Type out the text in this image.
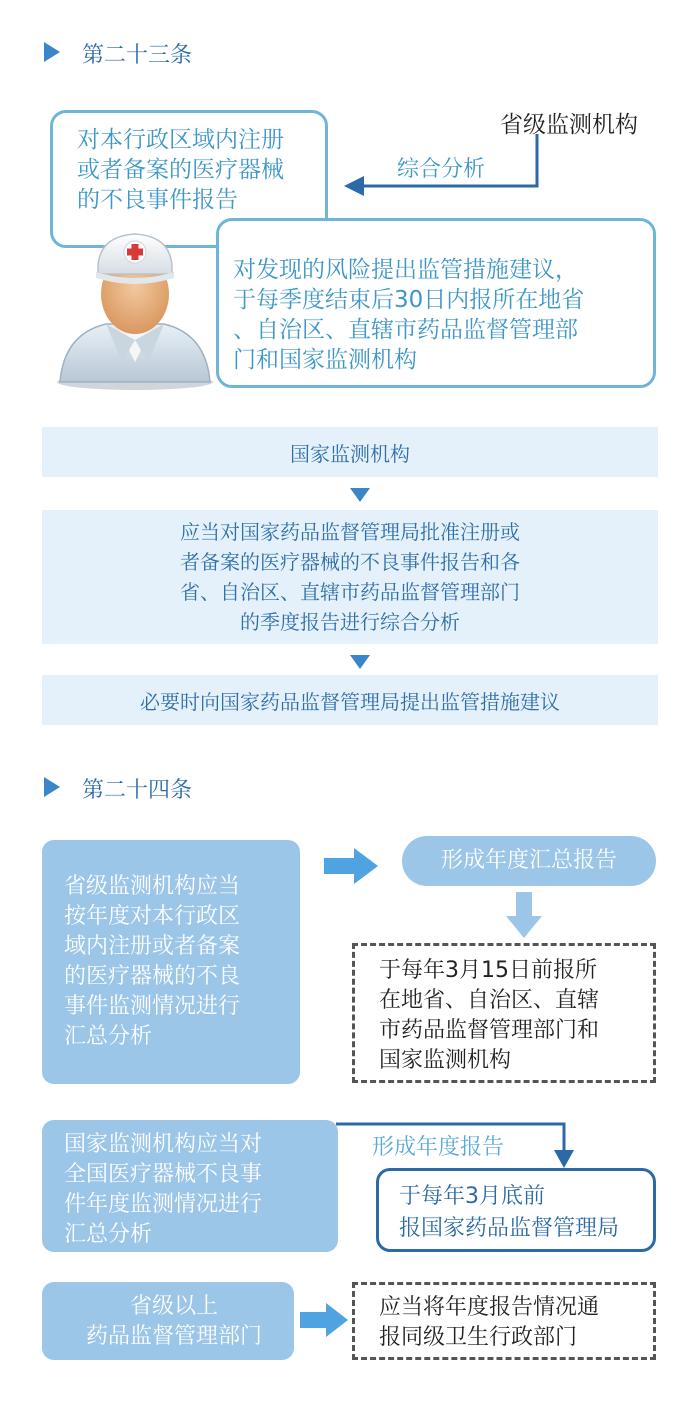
第二十三条
省级监测机构
综合分析
对本行政区域内注册
或者备案的医疗器械
的不良事件报告
对发现的风险提出监管措施建议，
于每季度结束后30日内报所在地省
、自治区、直辖市药品监督管理部
门和国家监测机构
国家监测机构
应当对国家药品监督管理局批准注册或
者备案的医疗器械的不良事件报告和各
省、自治区、直辖市药品监督管理部门
的季度报告进行综合分析
必要时向国家药品监督管理局提出监管措施建议
第二十四条
省级监测机构应当
按年度对本行政区
域内注册或者备案
的医疗器械的不良
事件监测情况进行
汇总分析
形成年度汇总报告
于每年3月15日前报所
在地省、自治区、直辖
市药品监督管理部门和
国家监测机构
国家监测机构应当对
全国医疗器械不良事
件年度监测情况进行
汇总分析
形成年度报告
于每年3月底前
报国家药品监督管理局
省级以上
药品监督管理部门
应当将年度报告情况通
报同级卫生行政部门
